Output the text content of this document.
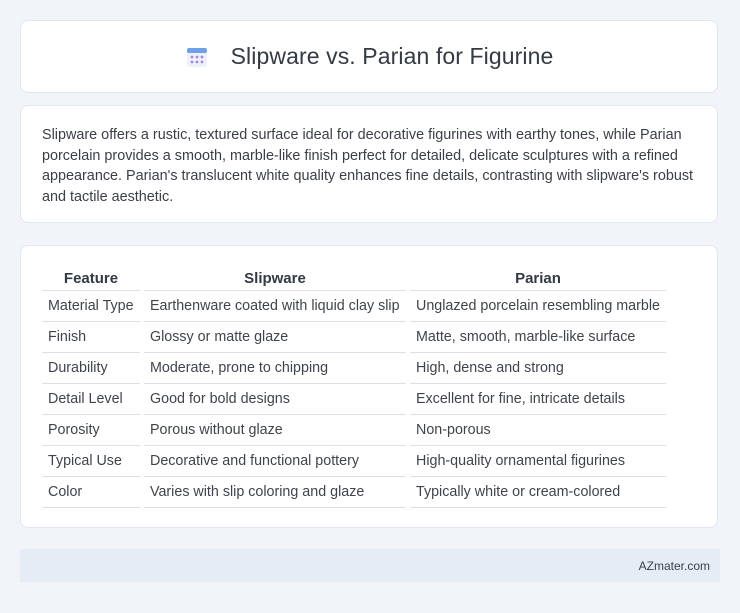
Slipware vs. Parian for Figurine

Slipware offers a rustic, textured surface ideal for decorative figurines with earthy tones, while Parian porcelain provides a smooth, marble-like finish perfect for detailed, delicate sculptures with a refined appearance. Parian's translucent white quality enhances fine details, contrasting with slipware's robust and tactile aesthetic.

Feature		Slipware		Parian
Material Type		Earthenware coated with liquid clay slip		Unglazed porcelain resembling marble
Finish		Glossy or matte glaze		Matte, smooth, marble-like surface
Durability		Moderate, prone to chipping		High, dense and strong
Detail Level		Good for bold designs		Excellent for fine, intricate details
Porosity		Porous without glaze		Non-porous
Typical Use		Decorative and functional pottery		High-quality ornamental figurines
Color		Varies with slip coloring and glaze		Typically white or cream-colored
AZmater.com
